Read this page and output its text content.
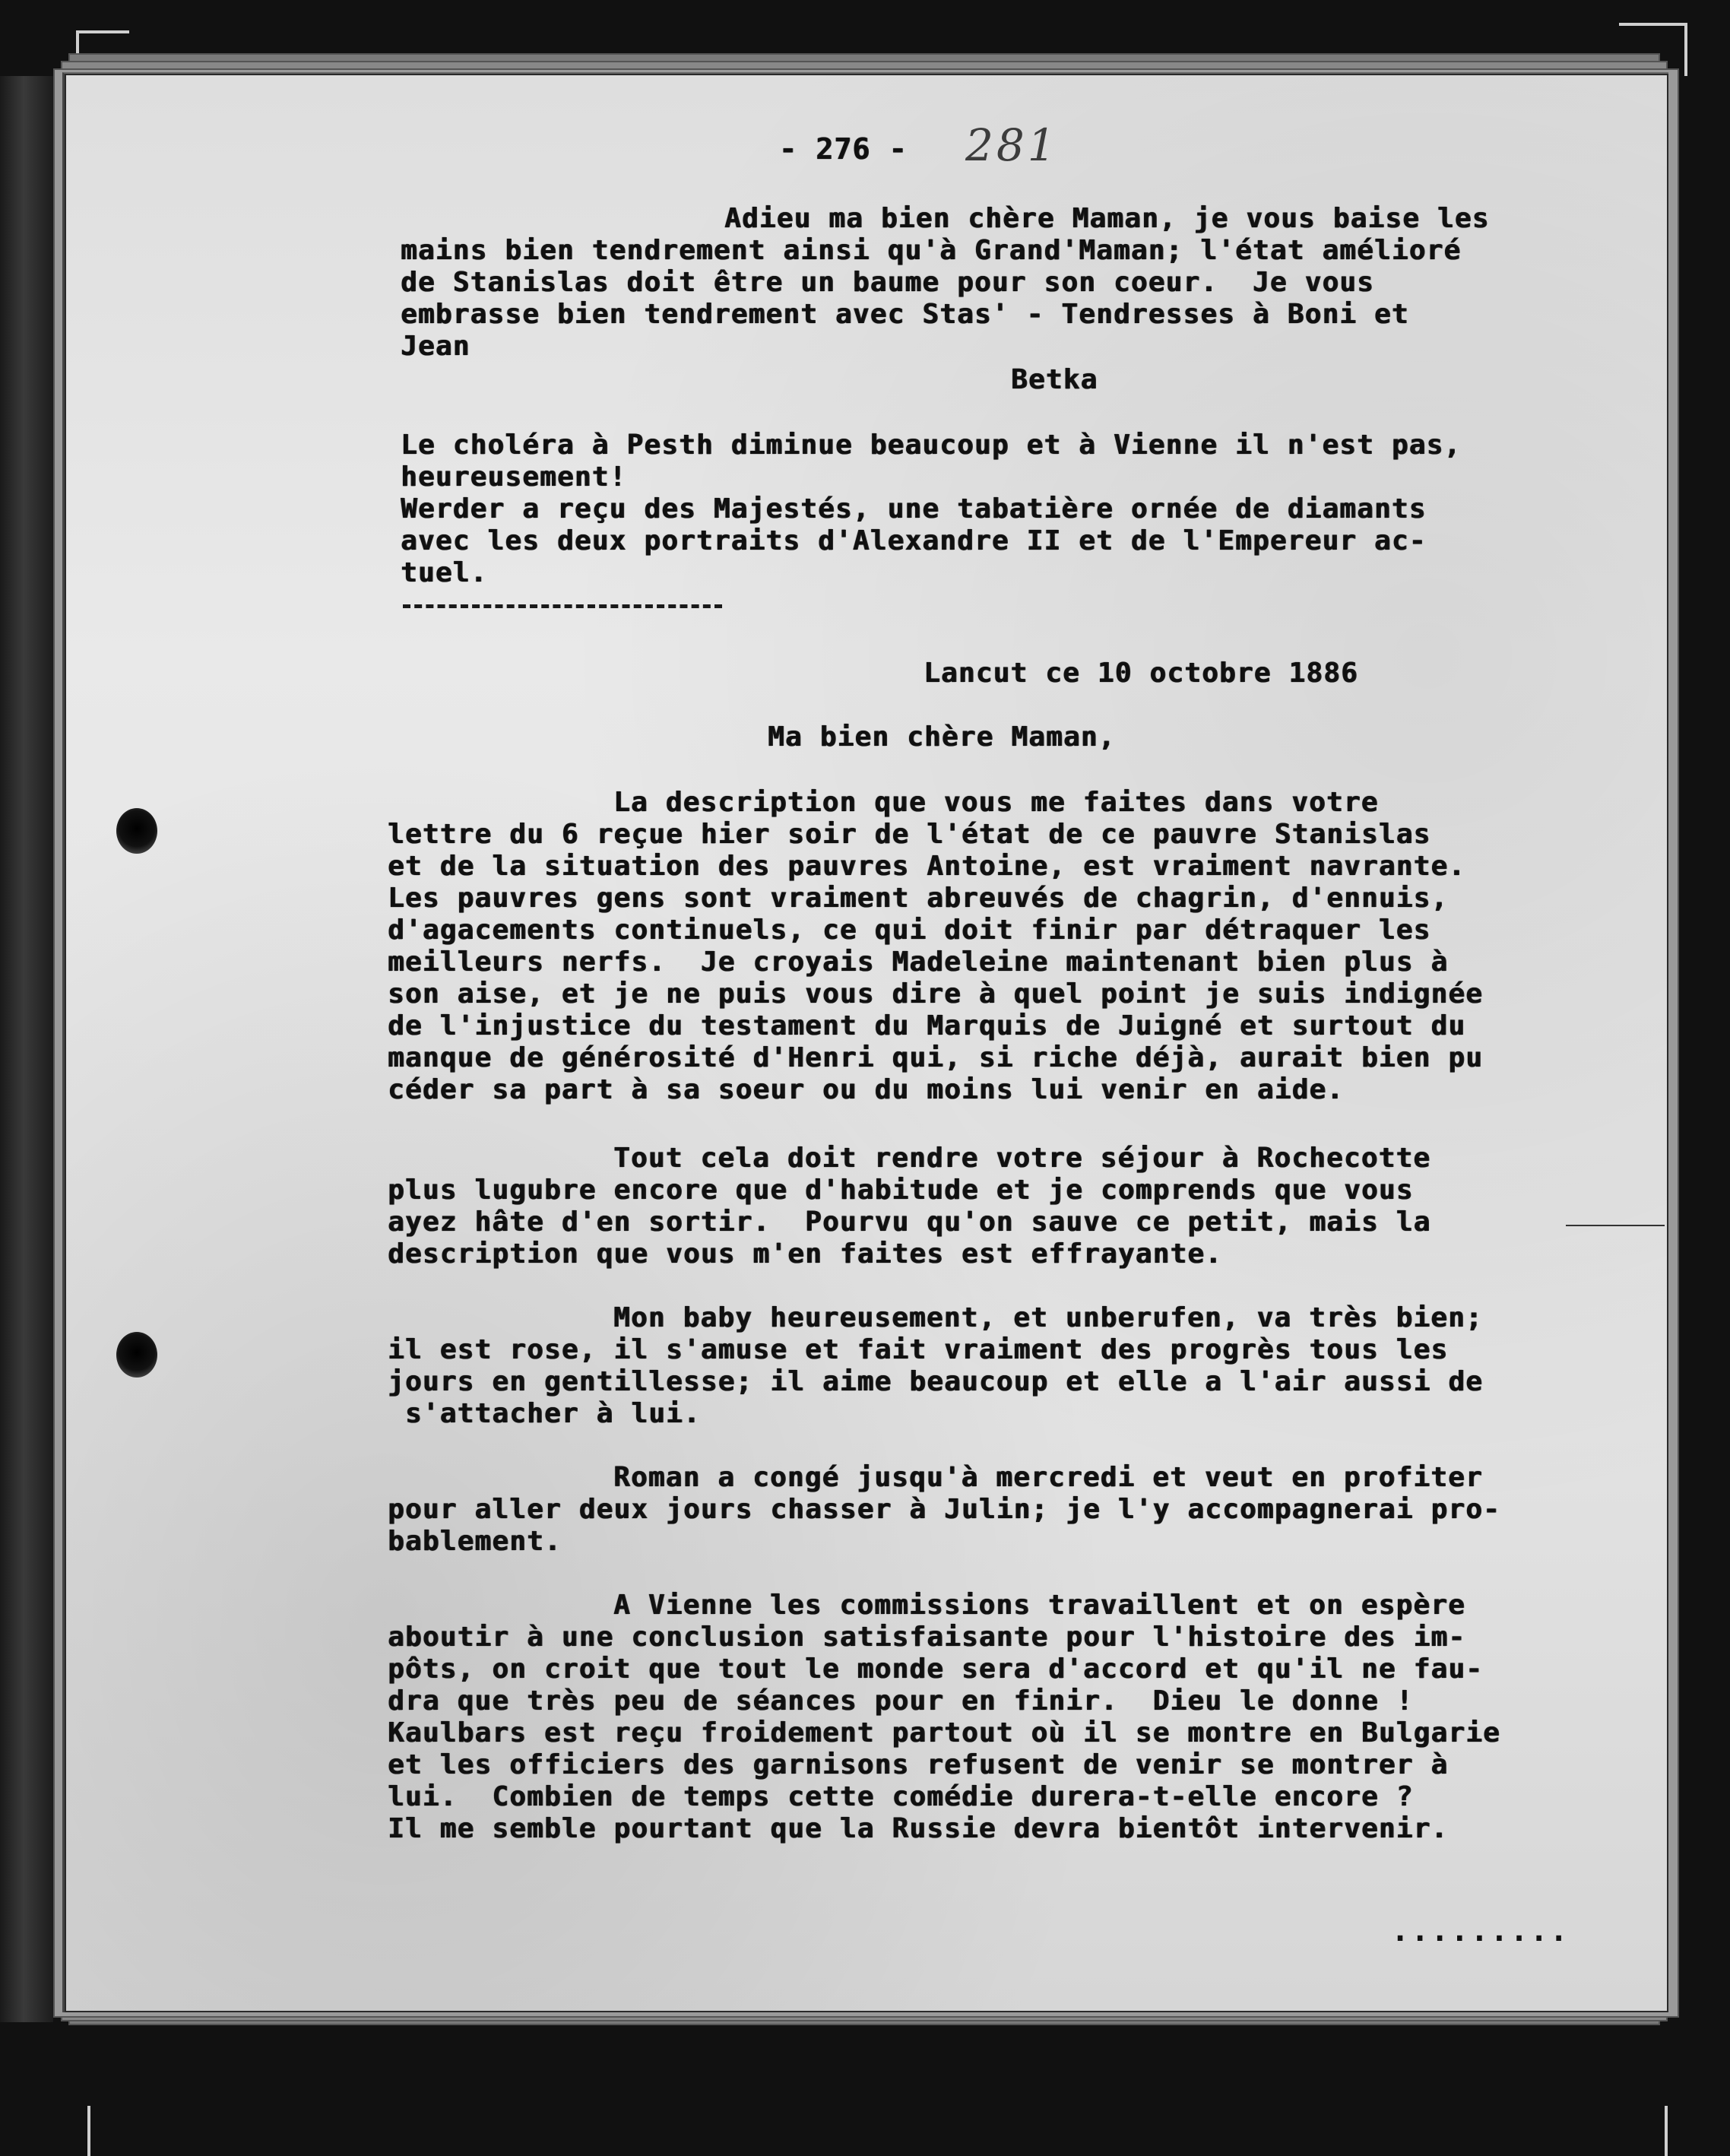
- 276 - 281

Adieu ma bien chère Maman, je vous baise les

mains bien tendrement ainsi qu'à Grand'Maman; l'état amélioré

de Stanislas doit être un baume pour son coeur.  Je vous

embrasse bien tendrement avec Stas' - Tendresses à Boni et

Jean

Betka

Le choléra à Pesth diminue beaucoup et à Vienne il n'est pas,

heureusement!

Werder a reçu des Majestés, une tabatière ornée de diamants

avec les deux portraits d'Alexandre II et de l'Empereur ac-

tuel.

Lancut ce 10 octobre 1886

Ma bien chère Maman,

La description que vous me faites dans votre

lettre du 6 reçue hier soir de l'état de ce pauvre Stanislas

et de la situation des pauvres Antoine, est vraiment navrante.

Les pauvres gens sont vraiment abreuvés de chagrin, d'ennuis,

d'agacements continuels, ce qui doit finir par détraquer les

meilleurs nerfs.  Je croyais Madeleine maintenant bien plus à

son aise, et je ne puis vous dire à quel point je suis indignée

de l'injustice du testament du Marquis de Juigné et surtout du

manque de générosité d'Henri qui, si riche déjà, aurait bien pu

céder sa part à sa soeur ou du moins lui venir en aide.

Tout cela doit rendre votre séjour à Rochecotte

plus lugubre encore que d'habitude et je comprends que vous

ayez hâte d'en sortir.  Pourvu qu'on sauve ce petit, mais la

description que vous m'en faites est effrayante.

Mon baby heureusement, et unberufen, va très bien;

il est rose, il s'amuse et fait vraiment des progrès tous les

jours en gentillesse; il aime beaucoup et elle a l'air aussi de

s'attacher à lui.

Roman a congé jusqu'à mercredi et veut en profiter

pour aller deux jours chasser à Julin; je l'y accompagnerai pro-

bablement.

A Vienne les commissions travaillent et on espère

aboutir à une conclusion satisfaisante pour l'histoire des im-

pôts, on croit que tout le monde sera d'accord et qu'il ne fau-

dra que très peu de séances pour en finir.  Dieu le donne !

Kaulbars est reçu froidement partout où il se montre en Bulgarie

et les officiers des garnisons refusent de venir se montrer à

lui.  Combien de temps cette comédie durera-t-elle encore ?

Il me semble pourtant que la Russie devra bientôt intervenir.

.........
